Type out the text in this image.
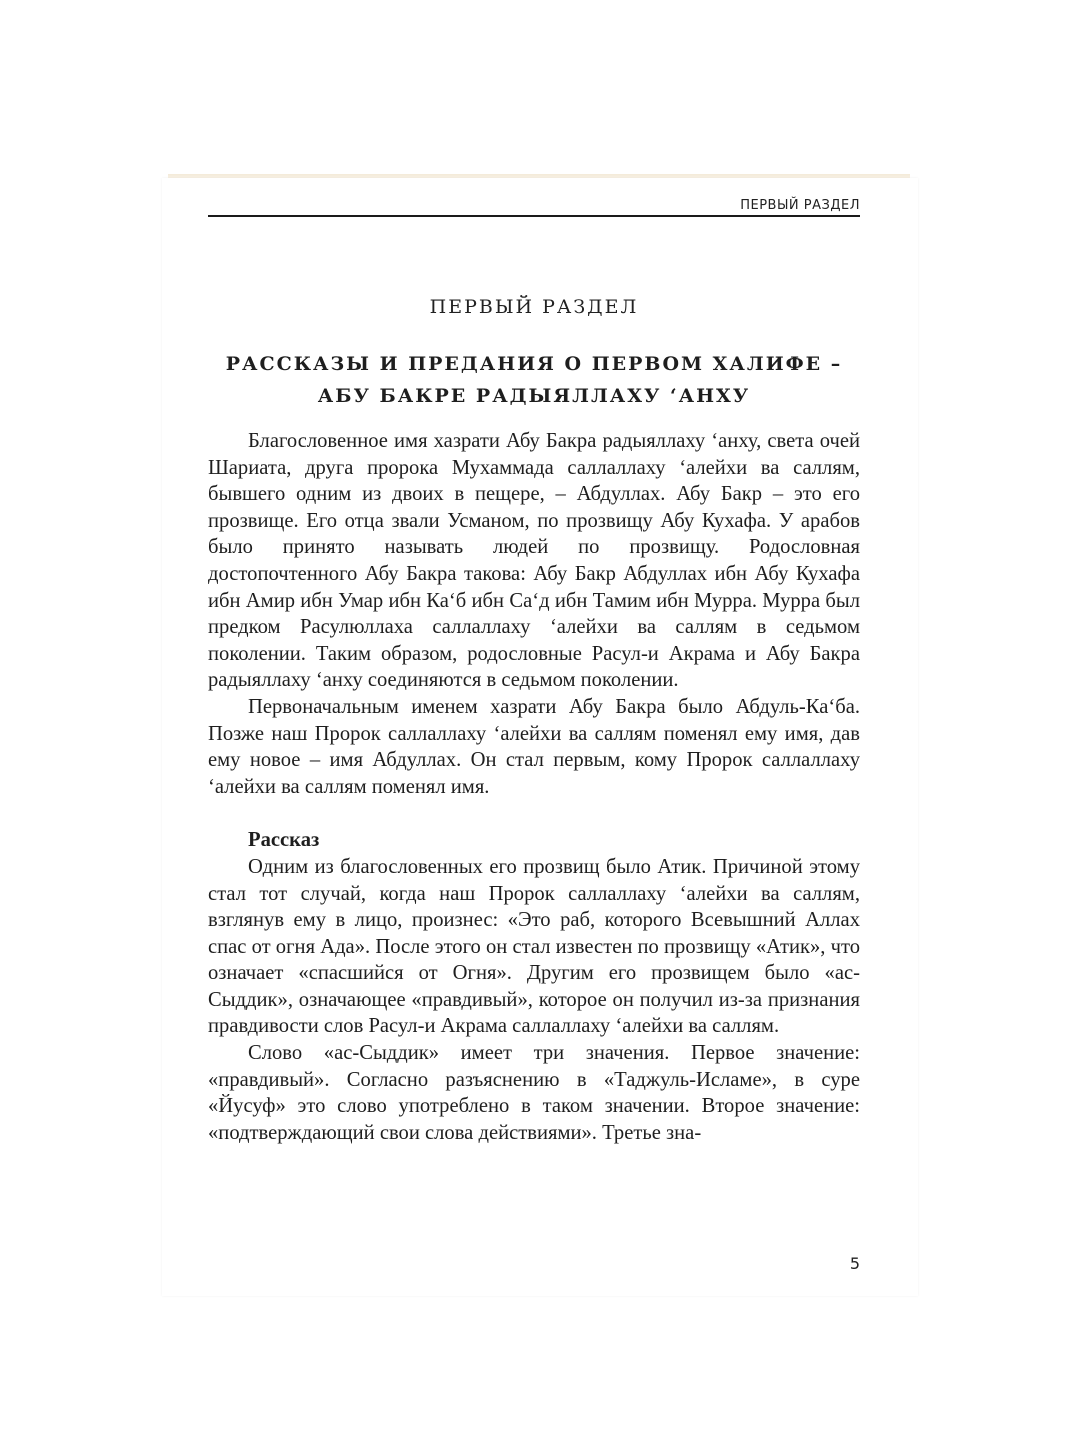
ПЕРВЫЙ РАЗДЕЛ
ПЕРВЫЙ РАЗДЕЛ
РАССКАЗЫ И ПРЕДАНИЯ О ПЕРВОМ ХАЛИФЕ –
АБУ БАКРЕ РАДЫЯЛЛАХУ ʻАНХУ

Благословенное имя хазрати Абу Бакра радыяллаху ʻанху, света очей Шариата, друга пророка Мухаммада саллаллаху ʻалейхи ва саллям, бывшего одним из двоих в пещере, – Абдуллах. Абу Бакр – это его прозвище. Его отца звали Усманом, по прозвищу Абу Кухафа. У арабов было принято называть людей по прозвищу. Родословная достопочтенного Абу Бакра такова: Абу Бакр Абдуллах ибн Абу Кухафа ибн Амир ибн Умар ибн Каʻб ибн Саʻд ибн Тамим ибн Мурра. Мурра был предком Расулюллаха саллаллаху ʻалейхи ва саллям в седьмом поколении. Таким образом, родословные Расул-и Акрама и Абу Бакра радыяллаху ʻанху соединяются в седьмом поколении.

Первоначальным именем хазрати Абу Бакра было Абдуль-Каʻба. Позже наш Пророк саллаллаху ʻалейхи ва саллям поменял ему имя, дав ему новое – имя Абдуллах. Он стал первым, кому Пророк саллаллаху ʻалейхи ва саллям поменял имя.

Рассказ

Одним из благословенных его прозвищ было Атик. Причиной этому стал тот случай, когда наш Пророк саллаллаху ʻалейхи ва саллям, взглянув ему в лицо, произнес: «Это раб, которого Всевышний Аллах спас от огня Ада». После этого он стал известен по прозвищу «Атик», что означает «спасшийся от Огня». Другим его прозвищем было «ас-Сыддик», означающее «правдивый», которое он получил из-за признания правдивости слов Расул-и Акрама саллаллаху ʻалейхи ва саллям.

Слово «ас-Сыддик» имеет три значения. Первое значение: «правдивый». Согласно разъяснению в «Таджуль-Исламе», в суре «Йусуф» это слово употреблено в таком значении. Второе значение: «подтверждающий свои слова действиями». Третье зна-

5
